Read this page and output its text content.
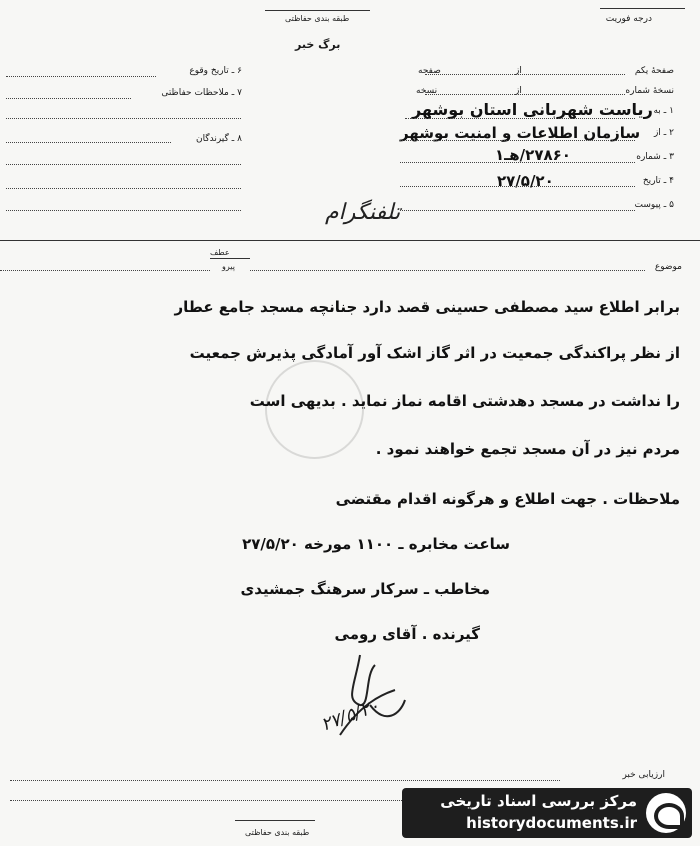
درجه فوریت
طبقه بندی حفاظتی
برگ خبر
صفحهٔ یکم
از
صفحه
نسخهٔ شماره
از
نسخه
۱ ـ به
ریاست شهربانی استان بوشهر
۲ ـ از
سازمان اطلاعات و امنیت بوشهر
۳ ـ شماره
۲۷۸۶۰/هـ۱
۴ ـ تاریخ
۲۷/۵/۲۰
۵ ـ پیوست
۶ ـ تاریخ وقوع
۷ ـ ملاحظات حفاظتی
۸ ـ گیرندگان
تلفنگرام
عطف
پیرو	موضوع
برابر اطلاع سید مصطفی حسینی قصد دارد جنانچه مسجد جامع عطار
از نظر پراکندگی جمعیت در اثر گاز اشک آور آمادگی پذیرش جمعیت
را نداشت در مسجد دهدشتی اقامه نماز نماید . بدیهی است
مردم نیز در آن مسجد تجمع خواهند نمود .
ملاحظات . جهت اطلاع و هرگونه اقدام مقتضی
ساعت مخابره ـ ۱۱۰۰ مورخه ۲۷/۵/۲۰
مخاطب ـ سرکار سرهنگ جمشیدی
گیرنده . آقای رومی
۲۷/۵/۲۰
ارزیابی خبر
طبقه بندی حفاظتی
مرکز بررسی اسناد تاریخی
historydocuments.ir
